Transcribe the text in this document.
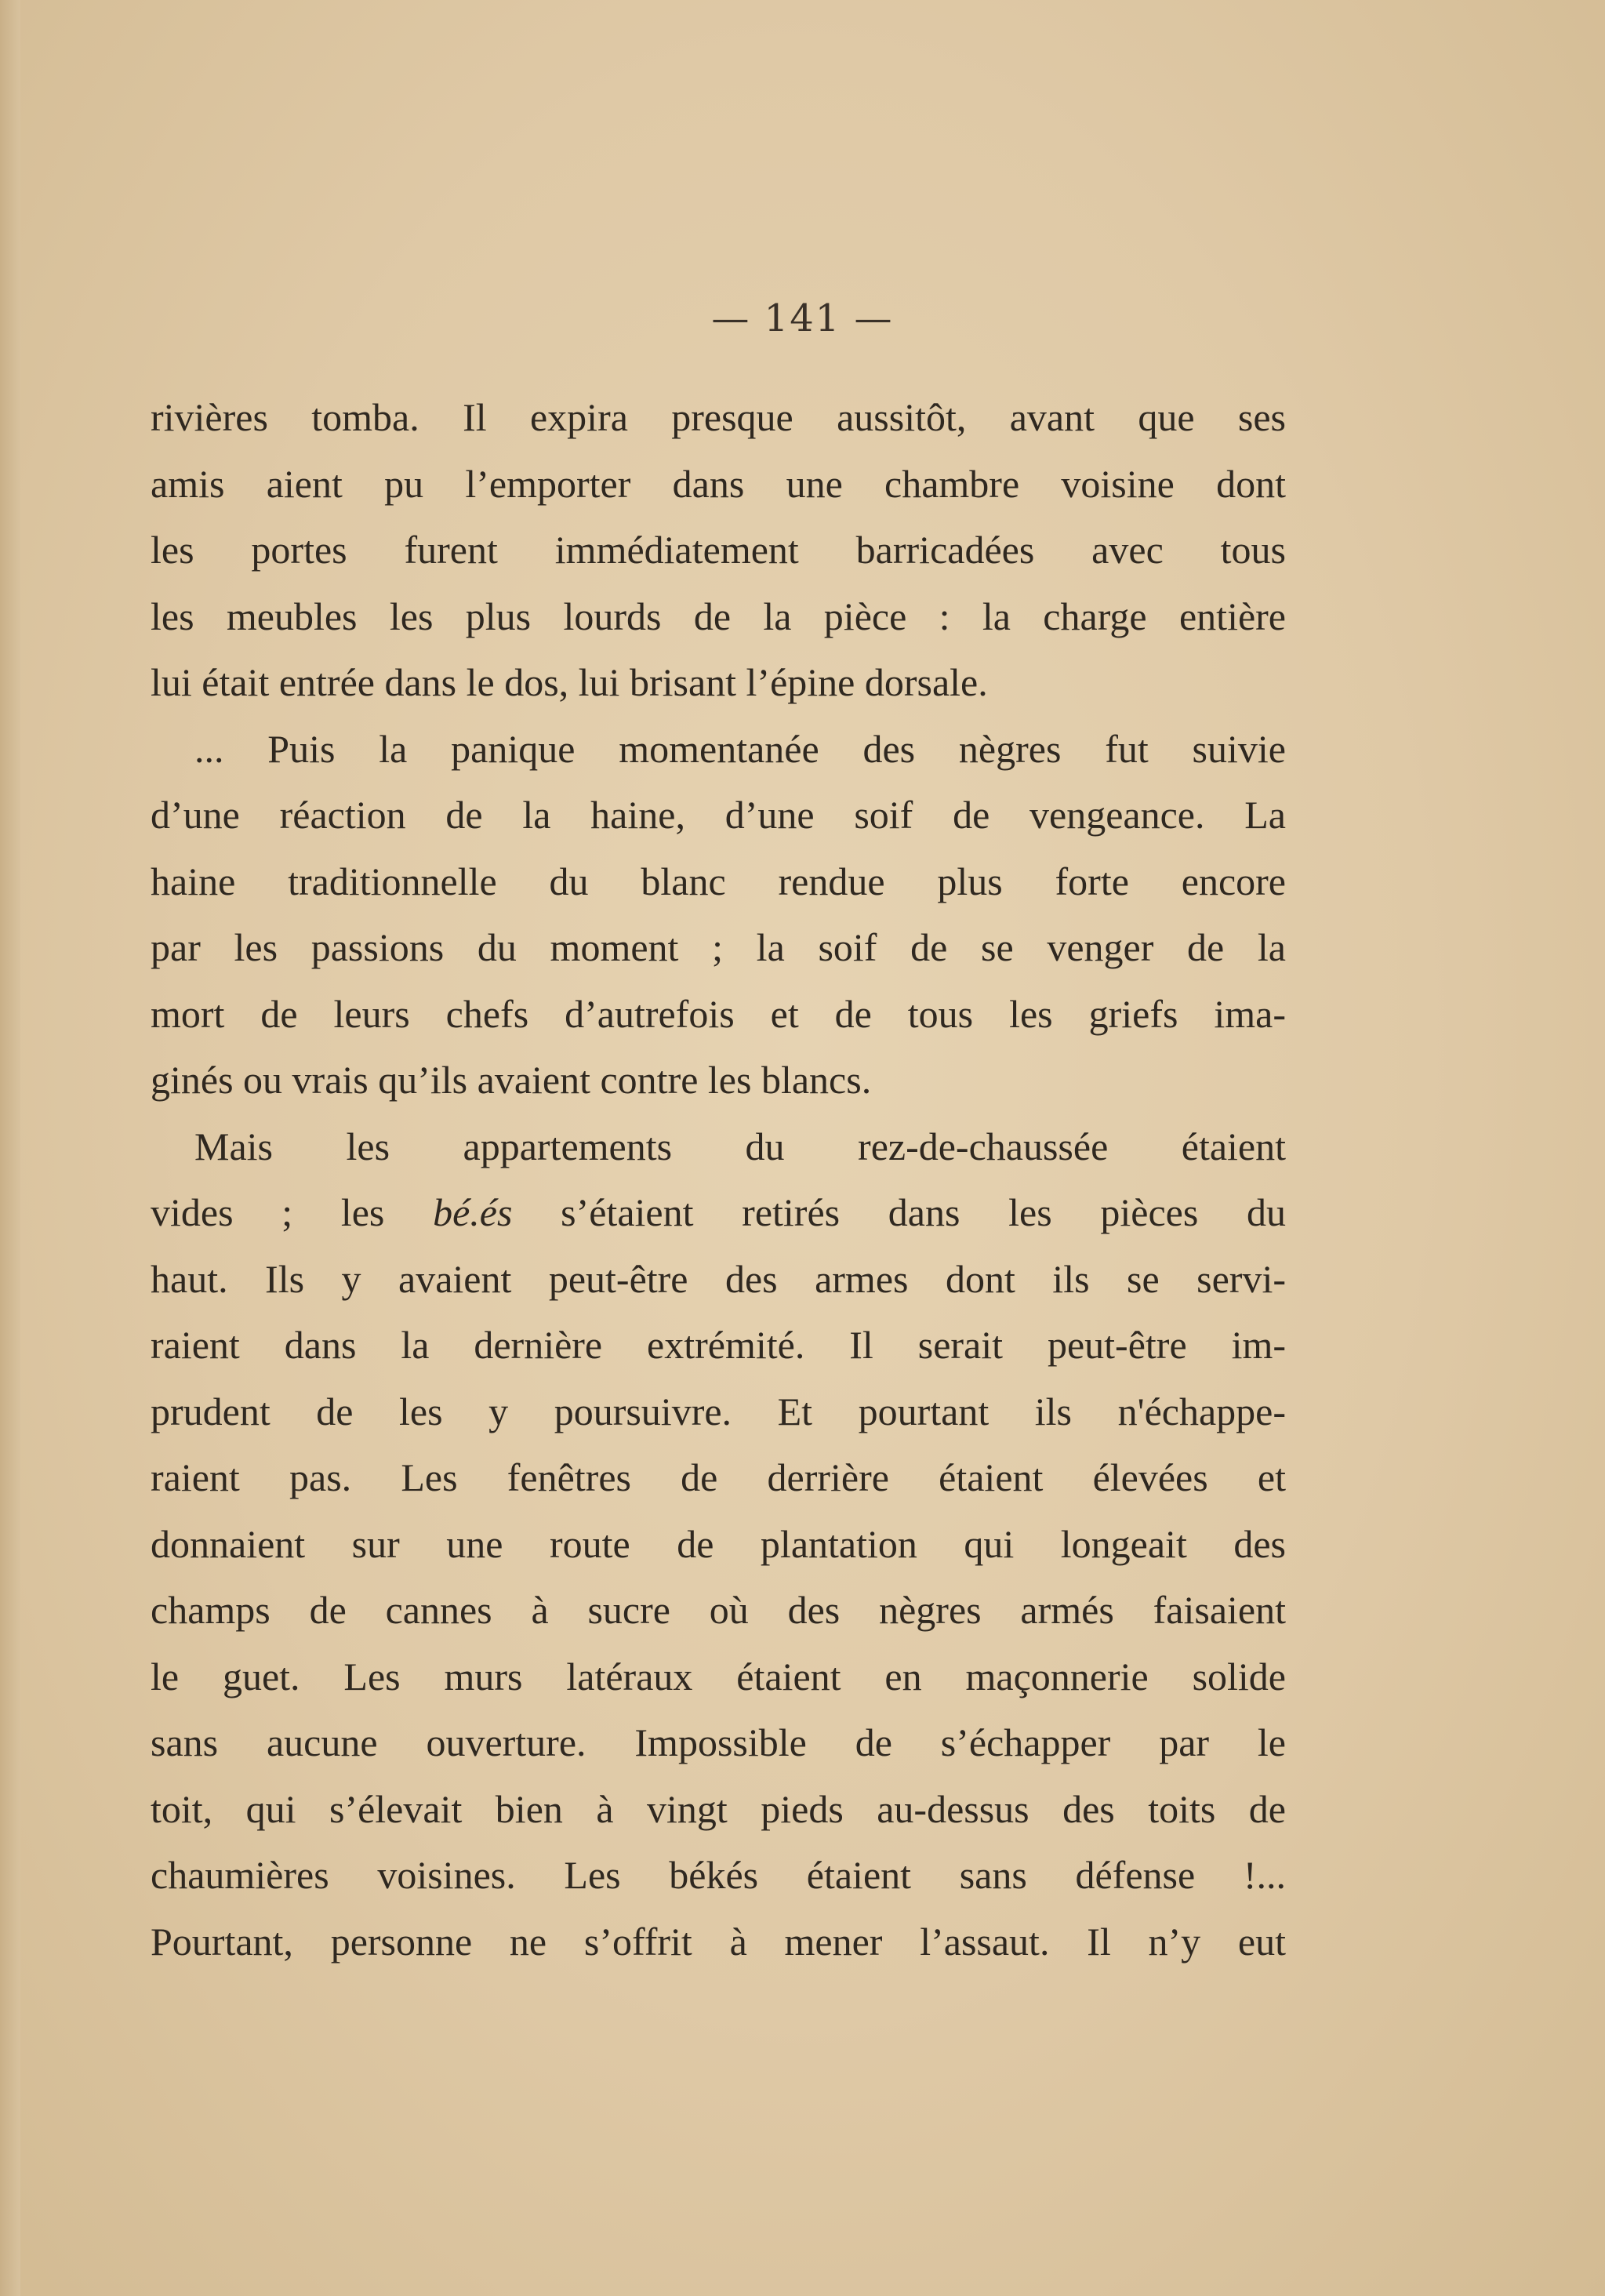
— 141 —
rivières tomba. Il expira presque aussitôt, avant que ses
amis aient pu l’emporter dans une chambre voisine dont
les portes furent immédiatement barricadées avec tous
les meubles les plus lourds de la pièce : la charge entière
lui était entrée dans le dos, lui brisant l’épine dorsale.
... Puis la panique momentanée des nègres fut suivie
d’une réaction de la haine, d’une soif de vengeance. La
haine traditionnelle du blanc rendue plus forte encore
par les passions du moment ; la soif de se venger de la
mort de leurs chefs d’autrefois et de tous les griefs ima-
ginés ou vrais qu’ils avaient contre les blancs.
Mais les appartements du rez-de-chaussée étaient
vides ; les bé.és s’étaient retirés dans les pièces du
haut. Ils y avaient peut-être des armes dont ils se servi-
raient dans la dernière extrémité. Il serait peut-être im-
prudent de les y poursuivre. Et pourtant ils n'échappe-
raient pas. Les fenêtres de derrière étaient élevées et
donnaient sur une route de plantation qui longeait des
champs de cannes à sucre où des nègres armés faisaient
le guet. Les murs latéraux étaient en maçonnerie solide
sans aucune ouverture. Impossible de s’échapper par le
toit, qui s’élevait bien à vingt pieds au-dessus des toits de
chaumières voisines. Les békés étaient sans défense !...
Pourtant, personne ne s’offrit à mener l’assaut. Il n’y eut
